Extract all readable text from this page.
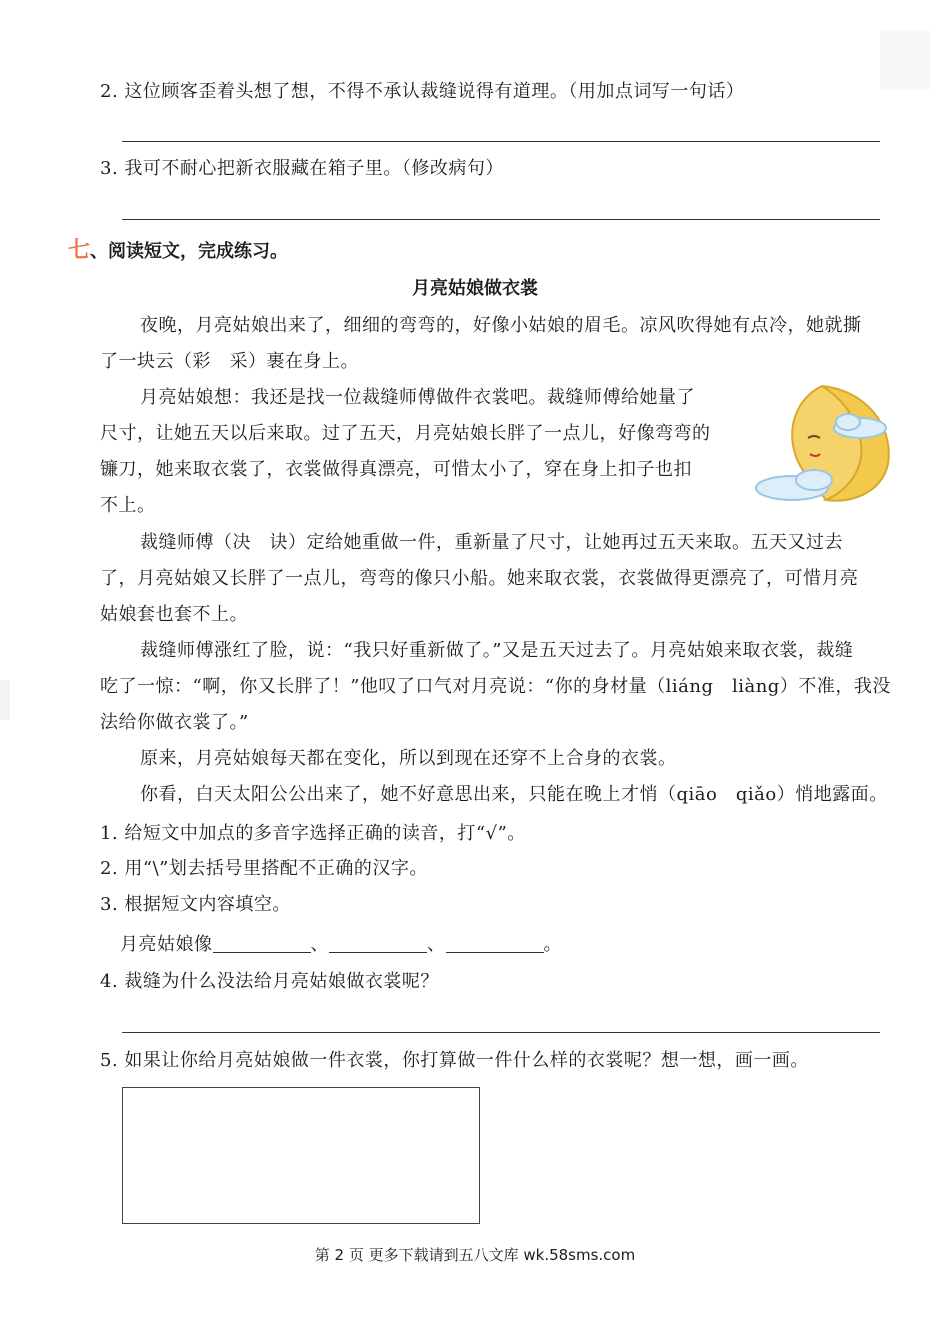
2. 这位顾客歪着头想了想，不得不承认裁缝说得有道理。（用加点词写一句话）
3. 我可不耐心把新衣服藏在箱子里。（修改病句）
七、阅读短文，完成练习。
月亮姑娘做衣裳
夜晚，月亮姑娘出来了，细细的弯弯的，好像小姑娘的眉毛。凉风吹得她有点冷，她就撕
了一块云（彩　采）裹在身上。
月亮姑娘想：我还是找一位裁缝师傅做件衣裳吧。裁缝师傅给她量了
尺寸，让她五天以后来取。过了五天，月亮姑娘长胖了一点儿，好像弯弯的
镰刀，她来取衣裳了，衣裳做得真漂亮，可惜太小了，穿在身上扣子也扣
不上。
裁缝师傅（决　诀）定给她重做一件，重新量了尺寸，让她再过五天来取。五天又过去
了，月亮姑娘又长胖了一点儿，弯弯的像只小船。她来取衣裳，衣裳做得更漂亮了，可惜月亮
姑娘套也套不上。
裁缝师傅涨红了脸，说：“我只好重新做了。”又是五天过去了。月亮姑娘来取衣裳，裁缝
吃了一惊：“啊，你又长胖了！”他叹了口气对月亮说：“你的身材量（liáng　liàng）不准，我没
法给你做衣裳了。”
原来，月亮姑娘每天都在变化，所以到现在还穿不上合身的衣裳。
你看，白天太阳公公出来了，她不好意思出来，只能在晚上才悄（qiāo　qiǎo）悄地露面。
1. 给短文中加点的多音字选择正确的读音，打“√”。
2. 用“\”划去括号里搭配不正确的汉字。
3. 根据短文内容填空。
月亮姑娘像	、	、	。
4. 裁缝为什么没法给月亮姑娘做衣裳呢？
5. 如果让你给月亮姑娘做一件衣裳，你打算做一件什么样的衣裳呢？想一想，画一画。
第 2 页 更多下载请到五八文库 wk.58sms.com
